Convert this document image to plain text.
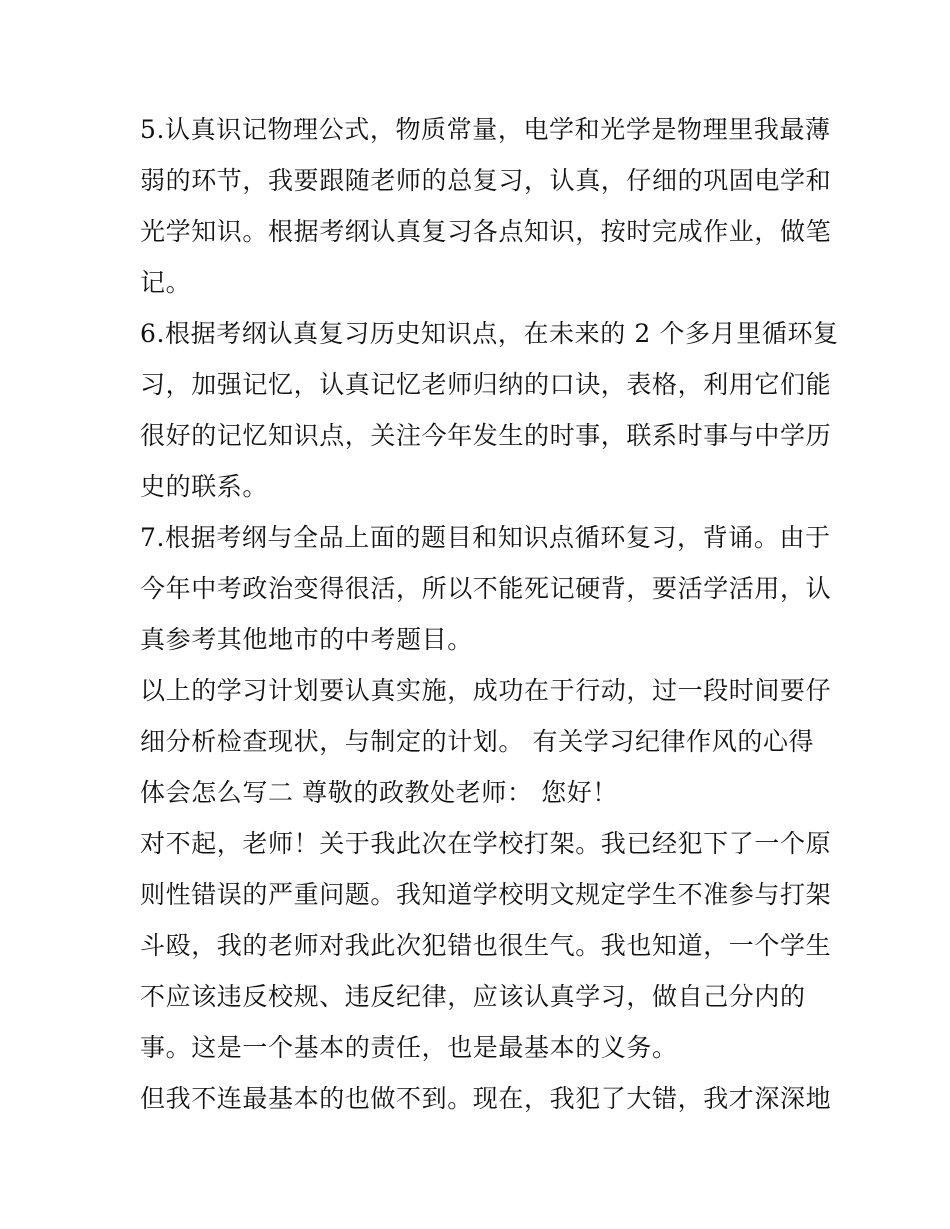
5.认真识记物理公式，物质常量，电学和光学是物理里我最薄
弱的环节，我要跟随老师的总复习，认真，仔细的巩固电学和
光学知识。根据考纲认真复习各点知识，按时完成作业，做笔
记。
6.根据考纲认真复习历史知识点，在未来的 2 个多月里循环复
习，加强记忆，认真记忆老师归纳的口诀，表格，利用它们能
很好的记忆知识点，关注今年发生的时事，联系时事与中学历
史的联系。
7.根据考纲与全品上面的题目和知识点循环复习，背诵。由于
今年中考政治变得很活，所以不能死记硬背，要活学活用，认
真参考其他地市的中考题目。
以上的学习计划要认真实施，成功在于行动，过一段时间要仔
细分析检查现状，与制定的计划。 有关学习纪律作风的心得
体会怎么写二 尊敬的政教处老师： 您好！
对不起，老师！关于我此次在学校打架。我已经犯下了一个原
则性错误的严重问题。我知道学校明文规定学生不准参与打架
斗殴，我的老师对我此次犯错也很生气。我也知道，一个学生
不应该违反校规、违反纪律，应该认真学习，做自己分内的
事。这是一个基本的责任，也是最基本的义务。
但我不连最基本的也做不到。现在，我犯了大错，我才深深地
